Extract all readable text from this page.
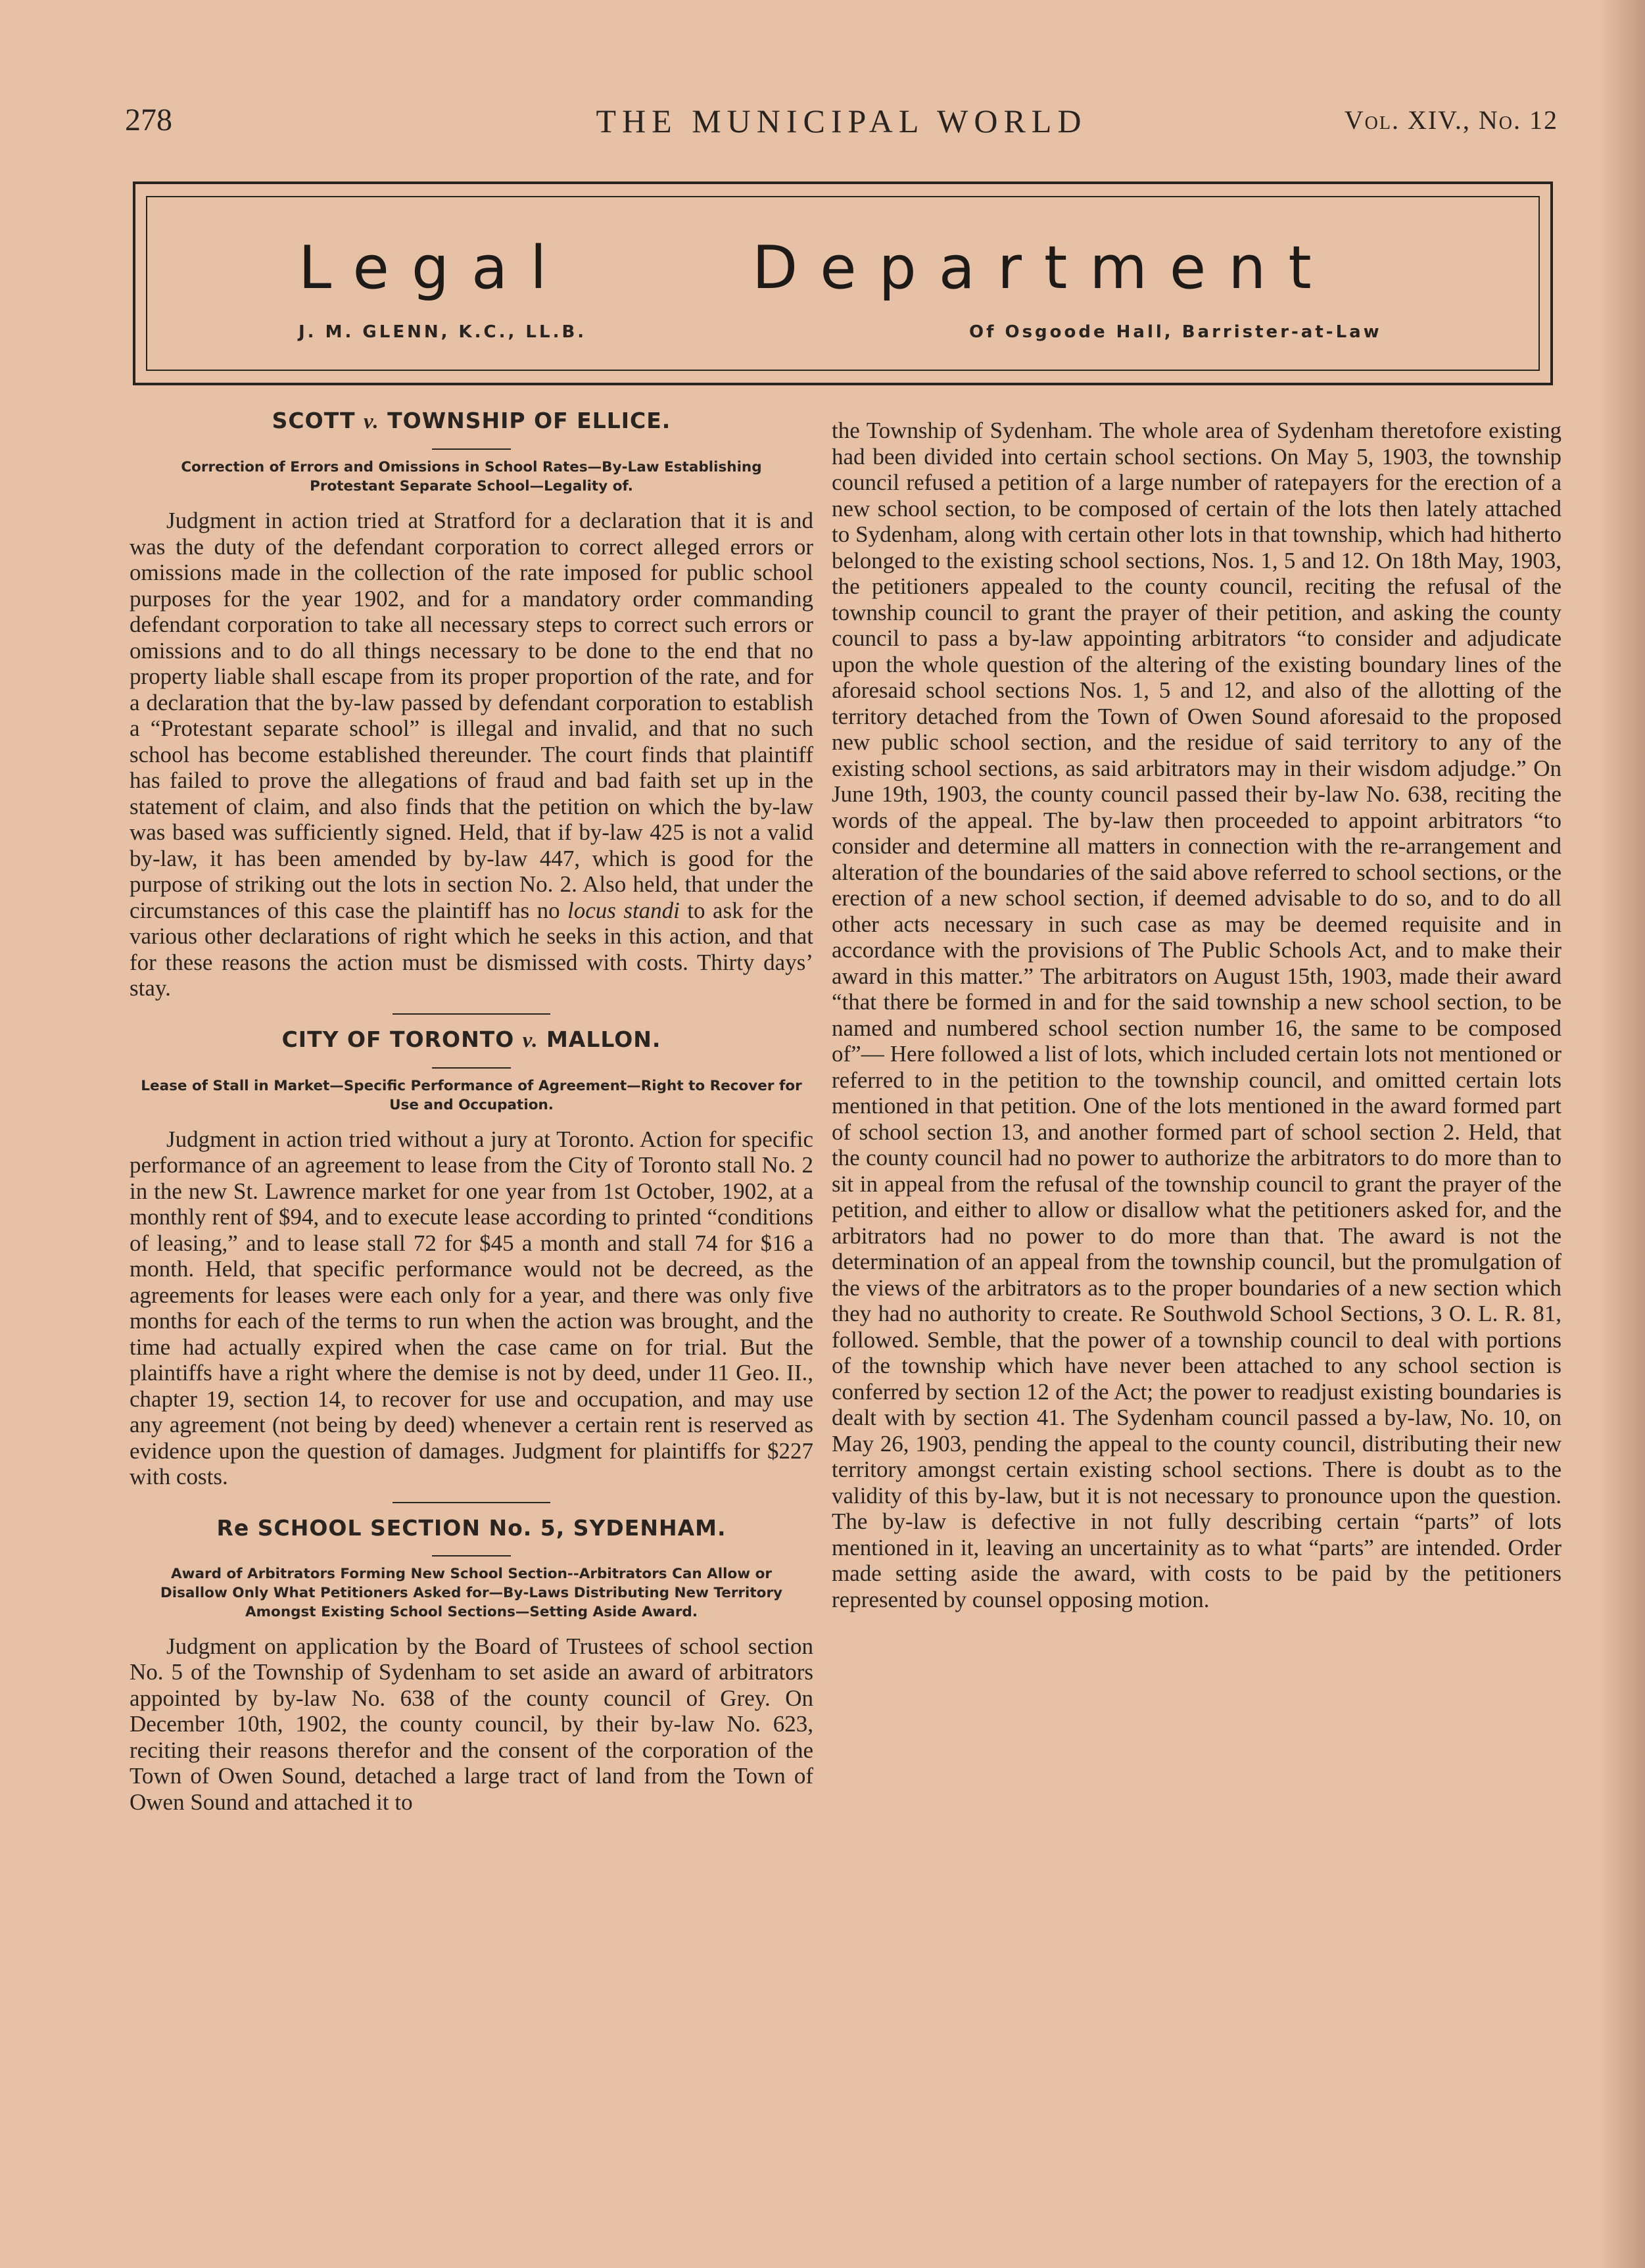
278	THE MUNICIPAL WORLD	Vol. XIV., No. 12
Legal	Department
J. M. GLENN, K.C., LL.B.	Of Osgoode Hall, Barrister-at-Law
SCOTT v. TOWNSHIP OF ELLICE.

Correction of Errors and Omissions in School Rates—By-Law Establishing Protestant Separate School—Legality of.

Judgment in action tried at Stratford for a declaration that it is and was the duty of the defendant corporation to correct alleged errors or omissions made in the collection of the rate imposed for public school purposes for the year 1902, and for a mandatory order commanding defendant corporation to take all necessary steps to correct such errors or omissions and to do all things necessary to be done to the end that no property liable shall escape from its proper proportion of the rate, and for a declaration that the by-law passed by defendant corporation to establish a “Protestant separate school” is illegal and invalid, and that no such school has become established thereunder. The court finds that plaintiff has failed to prove the allegations of fraud and bad faith set up in the statement of claim, and also finds that the petition on which the by-law was based was sufficiently signed. Held, that if by-law 425 is not a valid by-law, it has been amended by by-law 447, which is good for the purpose of striking out the lots in section No. 2. Also held, that under the circumstances of this case the plaintiff has no locus standi to ask for the various other declarations of right which he seeks in this action, and that for these reasons the action must be dismissed with costs. Thirty days’ stay.

CITY OF TORONTO v. MALLON.

Lease of Stall in Market—Specific Performance of Agreement—Right to Recover for Use and Occupation.

Judgment in action tried without a jury at Toronto. Action for specific performance of an agreement to lease from the City of Toronto stall No. 2 in the new St. Lawrence market for one year from 1st October, 1902, at a monthly rent of $94, and to execute lease according to printed “conditions of leasing,” and to lease stall 72 for $45 a month and stall 74 for $16 a month. Held, that specific performance would not be decreed, as the agreements for leases were each only for a year, and there was only five months for each of the terms to run when the action was brought, and the time had actually expired when the case came on for trial. But the plaintiffs have a right where the demise is not by deed, under 11 Geo. II., chapter 19, section 14, to recover for use and occupation, and may use any agreement (not being by deed) whenever a certain rent is reserved as evidence upon the question of damages. Judgment for plaintiffs for $227 with costs.

Re SCHOOL SECTION No. 5, SYDENHAM.

Award of Arbitrators Forming New School Section--Arbitrators Can Allow or Disallow Only What Petitioners Asked for—By-Laws Distributing New Territory Amongst Existing School Sections—Setting Aside Award.

Judgment on application by the Board of Trustees of school section No. 5 of the Township of Sydenham to set aside an award of arbitrators appointed by by-law No. 638 of the county council of Grey. On December 10th, 1902, the county council, by their by-law No. 623, reciting their reasons therefor and the consent of the corporation of the Town of Owen Sound, detached a large tract of land from the Town of Owen Sound and attached it to

the Township of Sydenham. The whole area of Sydenham theretofore existing had been divided into certain school sections. On May 5, 1903, the township council refused a petition of a large number of ratepayers for the erection of a new school section, to be composed of certain of the lots then lately attached to Sydenham, along with certain other lots in that township, which had hitherto belonged to the existing school sections, Nos. 1, 5 and 12. On 18th May, 1903, the petitioners appealed to the county council, reciting the refusal of the township council to grant the prayer of their petition, and asking the county council to pass a by-law appointing arbitrators “to consider and adjudicate upon the whole question of the altering of the existing boundary lines of the aforesaid school sections Nos. 1, 5 and 12, and also of the allotting of the territory detached from the Town of Owen Sound aforesaid to the proposed new public school section, and the residue of said territory to any of the existing school sections, as said arbitrators may in their wisdom adjudge.” On June 19th, 1903, the county council passed their by-law No. 638, reciting the words of the appeal. The by-law then proceeded to appoint arbitrators “to consider and determine all matters in connection with the re-arrangement and alteration of the boundaries of the said above referred to school sections, or the erection of a new school section, if deemed advisable to do so, and to do all other acts necessary in such case as may be deemed requisite and in accordance with the provisions of The Public Schools Act, and to make their award in this matter.” The arbitrators on August 15th, 1903, made their award “that there be formed in and for the said township a new school section, to be named and numbered school section number 16, the same to be composed of”— Here followed a list of lots, which included certain lots not mentioned or referred to in the petition to the township council, and omitted certain lots mentioned in that petition. One of the lots mentioned in the award formed part of school section 13, and another formed part of school section 2. Held, that the county council had no power to authorize the arbitrators to do more than to sit in appeal from the refusal of the township council to grant the prayer of the petition, and either to allow or disallow what the petitioners asked for, and the arbitrators had no power to do more than that. The award is not the determination of an appeal from the township council, but the promulgation of the views of the arbitrators as to the proper boundaries of a new section which they had no authority to create. Re Southwold School Sections, 3 O. L. R. 81, followed. Semble, that the power of a township council to deal with portions of the township which have never been attached to any school section is conferred by section 12 of the Act; the power to readjust existing boundaries is dealt with by section 41. The Sydenham council passed a by-law, No. 10, on May 26, 1903, pending the appeal to the county council, distributing their new territory amongst certain existing school sections. There is doubt as to the validity of this by-law, but it is not necessary to pronounce upon the question. The by-law is defective in not fully describing certain “parts” of lots mentioned in it, leaving an uncertainity as to what “parts” are intended. Order made setting aside the award, with costs to be paid by the petitioners represented by counsel opposing motion.
